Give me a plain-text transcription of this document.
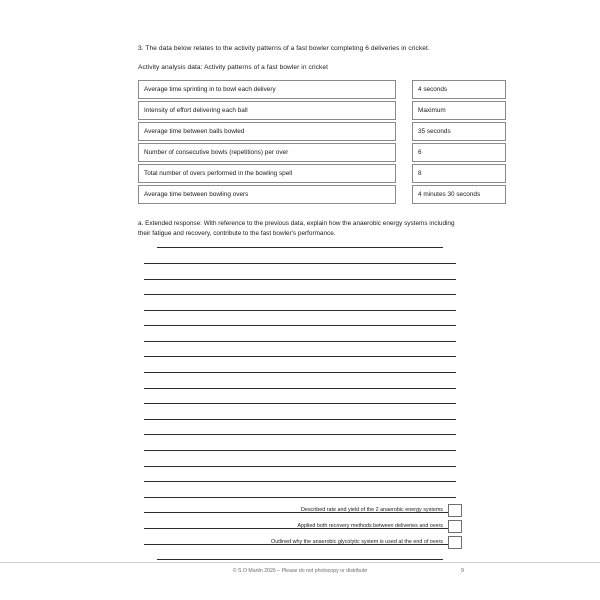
3. The data below relates to the activity patterns of a fast bowler completing 6 deliveries in cricket.

Activity analysis data: Activity patterns of a fast bowler in cricket

Average time sprinting in to bowl each delivery		4 seconds
Intensity of effort delivering each ball		Maximum
Average time between balls bowled		35 seconds
Number of consecutive bowls (repetitions) per over		6
Total number of overs performed in the bowling spell		8
Average time between bowling overs		4 minutes 30 seconds

a. Extended response: With reference to the previous data, explain how the anaerobic energy systems including their fatigue and recovery, contribute to the fast bowler's performance.

Described rate and yield of the 2 anaerobic energy systems
Applied both recovery methods between deliveries and overs
Outlined why the anaerobic glycolytic system is used at the end of overs
© S O Martin 2026 – Please do not photocopy or distribute	9
